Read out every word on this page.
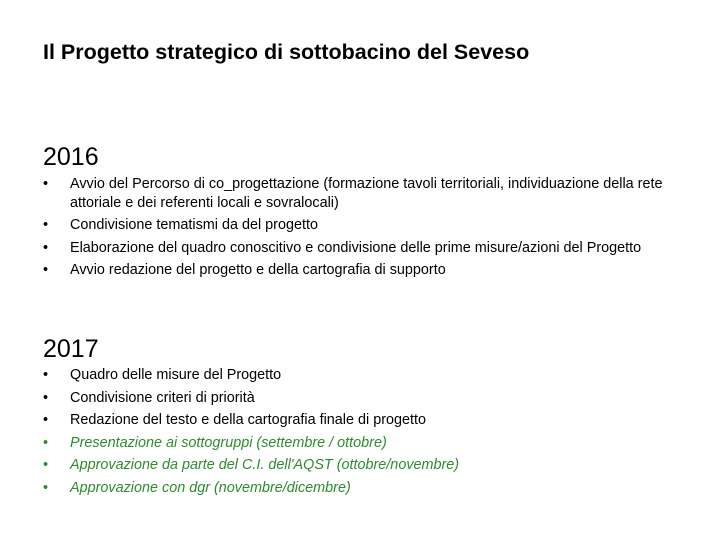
Il Progetto strategico di sottobacino del Seveso
2016
•	Avvio del Percorso di co_progettazione (formazione tavoli territoriali, individuazione della rete attoriale e dei referenti locali e sovralocali)
•	Condivisione tematismi da del progetto
•	Elaborazione del quadro conoscitivo e condivisione delle prime misure/azioni del Progetto
•	Avvio redazione del progetto e della cartografia di supporto
2017
•	Quadro delle misure del Progetto
•	Condivisione criteri di priorità
•	Redazione del testo e della cartografia finale di progetto
•	Presentazione ai sottogruppi (settembre / ottobre)
•	Approvazione da parte del C.I. dell'AQST (ottobre/novembre)
•	Approvazione con dgr (novembre/dicembre)
